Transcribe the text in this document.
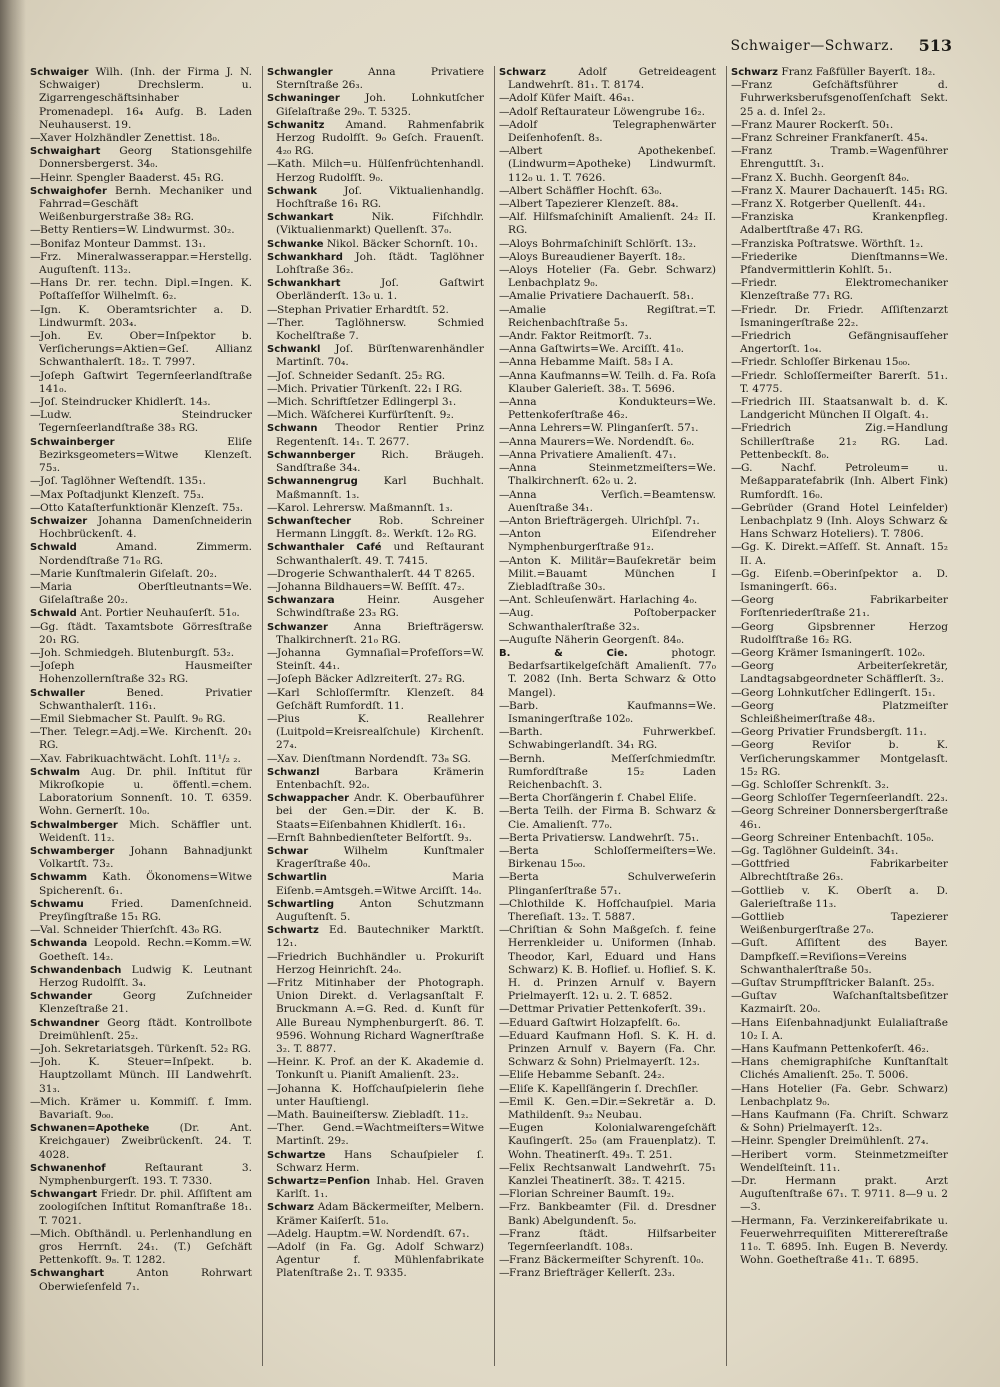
Schwaiger—Schwarz. 513

Schwaiger Wilh. (Inh. der Firma J. N. Schwaiger) Drechslerm. u. Zigarrengeschäftsinhaber Promenadepl. 16₄ Aufg. B. Laden Neuhauserst. 19.

—Xaver Holzhändler Zenettist. 18₀.

Schwaighart Georg Stationsgehilfe Donnersbergerst. 34₀.

—Heinr. Spengler Baaderst. 45₁ RG.

Schwaighofer Bernh. Mechaniker und Fahrrad=Geschäft Weißenburgerstraße 38₂ RG.

—Betty Rentiers=W. Lindwurmst. 30₂.

—Bonifaz Monteur Dammst. 13₁.

—Frz. Mineralwasserappar.=Herstellg. Auguſtenſt. 113₂.

—Hans Dr. rer. techn. Dipl.=Ingen. K. Poſtaſſeſſor Wilhelmſt. 6₂.

—Ign. K. Oberamtsrichter a. D. Lindwurmſt. 203₄.

—Joh. Ev. Ober=Inſpektor b. Verſicherungs=Aktien=Geſ. Allianz Schwanthalerſt. 18₂. T. 7997.

—Joſeph Gaſtwirt Tegernſeerlandſtraße 141₀.

—Joſ. Steindrucker Khidlerſt. 14₃.

—Ludw. Steindrucker Tegernſeerlandſtraße 38₃ RG.

Schwainberger	Eliſe Bezirksgeometers=Witwe Klenzeſt. 75₃.

—Joſ. Taglöhner Weſtendſt. 135₁.

—Max Poſtadjunkt Klenzeſt. 75₃.

—Otto Kataſterfunktionär Klenzeſt. 75₃.

Schwaizer Johanna Damenſchneiderin Hochbrückenſt. 4.

Schwald	Amand. Zimmerm. Nordendſtraße 71₀ RG.

—Marie Kunſtmalerin Giſelaſt. 20₂.

—Maria Oberſtleutnants=We. Giſelaſtraße 20₂.

Schwald Ant. Portier Neuhauſerſt. 51₀.

—Gg. ſtädt. Taxamtsbote Görresſtraße 20₁ RG.

—Joh. Schmiedgeh. Blutenburgſt. 53₂.

—Joſeph Hausmeiſter Hohenzollernſtraße 32₃ RG.

Schwaller	Bened. Privatier Schwanthalerſt. 116₁.

—Emil Siebmacher St. Paulſt. 9₀ RG.

—Ther. Telegr.=Adj.=We. Kirchenſt. 20₁ RG.

—Xav. Fabrikuachtwächt. Lohſt. 11¹/₂ ₂.

Schwalm Aug. Dr. phil. Inſtitut für Mikroſkopie u. öffentl.=chem. Laboratorium Sonnenſt. 10. T. 6359. Wohn. Gernerſt. 10₀.

Schwalmberger Mich. Schäffler unt. Weidenſt. 11₂.

Schwamberger Johann Bahnadjunkt Volkartſt. 73₂.

Schwamm Kath. Ökonomens=Witwe Spicherenſt. 6₁.

Schwamu	Fried. Damenſchneid. Preyſingſtraße 15₁ RG.

—Val. Schneider Thierſchſt. 43₀ RG.

Schwanda Leopold. Rechn.=Komm.=W. Goetheſt. 14₂.

Schwandenbach Ludwig K. Leutnant Herzog Rudolfſt. 3₄.

Schwander	Georg Zuſchneider Klenzeſtraße 21.

Schwandner Georg ſtädt. Kontrollbote Dreimühlenſt. 25₂.

—Joh. Sekretariatsgeh. Türkenſt. 52₂ RG.

—Joh. K. Steuer=Inſpekt. b. Hauptzollamt Münch. III Landwehrſt. 31₃.

—Mich. Krämer u. Kommiſſ. f. Imm. Bavariaſt. 9₀₀.

Schwanen=Apotheke	(Dr. Ant. Kreichgauer) Zweibrückenſt. 24. T. 4028.

Schwanenhof	Reſtaurant 3. Nymphenburgerſt. 193. T. 7330.

Schwangart Friedr. Dr. phil. Aſſiſtent am zoologiſchen Inſtitut Romanſtraße 18₁. T. 7021.

—Mich. Obſthändl. u. Perlenhandlung en gros Herrnſt. 24₁. (T.) Geſchäft Pettenkofſt. 9₈. T. 1282.

Schwanghart	Anton Rohrwart Oberwieſenfeld 7₁.

Schwangler	Anna Privatiere Sternſtraße 26₃.

Schwaninger Joh. Lohnkutſcher Giſelaſtraße 29₀. T. 5325.

Schwanitz Amand. Rahmenfabrik Herzog Rudolfſt. 9₀ Geſch. Frauenſt. 4₂₀ RG.

—Kath. Milch=u. Hülſenfrüchtenhandl. Herzog Rudolfſt. 9₀.

Schwank	Joſ. Viktualienhandlg. Hochſtraße 16₁ RG.

Schwankart	Nik. Fiſchhdlr. (Viktualienmarkt) Quellenſt. 37₀.

Schwanke Nikol. Bäcker Schornſt. 10₁.

Schwankhard Joh. ſtädt. Taglöhner Lohſtraße 36₂.

Schwankhart	Joſ. Gaſtwirt Oberländerſt. 13₀ u. 1.

—Stephan Privatier Erhardtſt. 52.

—Ther. Taglöhnersw. Schmied Kochelſtraße 7.

Schwankl Joſ. Bürſtenwarenhändler Martinſt. 70₄.

—Joſ. Schneider Sedanſt. 25₂ RG.

—Mich. Privatier Türkenſt. 22₁ I RG.

—Mich. Schriftſetzer Edlingerpl 3₁.

—Mich. Wäſcherei Kurfürſtenſt. 9₂.

Schwann Theodor Rentier Prinz Regentenſt. 14₁. T. 2677.

Schwannberger Rich. Bräugeh. Sandſtraße 34₄.

Schwannengrug Karl Buchhalt. Maßmannſt. 1₃.

—Karol. Lehrersw. Maßmannſt. 1₃.

Schwanſtecher	Rob. Schreiner Hermann Linggſt. 8₂. Werkſt. 12₀ RG.

Schwanthaler Café und Reſtaurant Schwanthalerſt. 49. T. 7415.

—Drogerie Schwanthalerſt. 44 T 8265.

—Johanna Bildhauers=W. Beſſſt. 47₂.

Schwanzara	Heinr. Ausgeher Schwindſtraße 23₃ RG.

Schwanzer Anna Briefträgersw. Thalkirchnerſt. 21₀ RG.

—Johanna Gymnaſial=Profeſſors=W. Steinſt. 44₁.

—Joſeph Bäcker Adlzreiterſt. 27₂ RG.

—Karl Schloſſermſtr. Klenzeſt. 84 Geſchäft Rumfordſt. 11.

—Pius K. Reallehrer (Luitpold=Kreisrealſchule) Kirchenſt. 27₄.

—Xav. Dienſtmann Nordendſt. 73₈ SG.

Schwanzl	Barbara Krämerin Entenbachſt. 92₀.

Schwappacher Andr. K. Oberbauführer bei der Gen.=Dir. der K. B. Staats=Eiſenbahnen Khidlerſt. 16₁.

—Ernſt Bahnbedienſteter Belfortſt. 9₃.

Schwar	Wilhelm Kunſtmaler Kragerſtraße 40₀.

Schwartlin	Maria Eiſenb.=Amtsgeh.=Witwe Arciſſt. 14₀.

Schwartling Anton Schutzmann Auguſtenſt. 5.

Schwartz Ed. Bautechniker Marktſt. 12₁.

—Friedrich Buchhändler u. Prokuriſt Herzog Heinrichſt. 24₀.

—Fritz Mitinhaber der Photograph. Union Direkt. d. Verlagsanſtalt F. Bruckmann A.=G. Red. d. Kunſt für Alle Bureau Nymphenburgerſt. 86. T. 9596. Wohnung Richard Wagnerſtraße 3₂. T. 8877.

—Heinr. K. Prof. an der K. Akademie d. Tonkunſt u. Pianiſt Amalienſt. 23₂.

—Johanna K. Hofſchauſpielerin ſiehe unter Hauſtiengl.

—Math. Bauineiſtersw. Ziebladſt. 11₂.

—Ther. Gend.=Wachtmeiſters=Witwe Martinſt. 29₂.

Schwartze Hans Schauſpieler ſ. Schwarz Herm.

Schwartz=Penſion Inhab. Hel. Graven Karlſt. 1₁.

Schwarz Adam Bäckermeiſter, Melbern. Krämer Kaiſerſt. 51₀.

—Adelg. Hauptm.=W. Nordendſt. 67₁.

—Adolf (in Fa. Gg. Adolf Schwarz) Agentur f. Mühlenfabrikate Platenſtraße 2₁. T. 9335.

Schwarz	Adolf Getreideagent Landwehrſt. 81₁. T. 8174.

—Adolf Küfer Maiſt. 46₄₁.

—Adolf Reſtaurateur Löwengrube 16₂.

—Adolf Telegraphenwärter Deiſenhofenſt. 8₃.

—Albert Apothekenbeſ. (Lindwurm=Apotheke) Lindwurmſt. 112₀ u. 1. T. 7626.

—Albert Schäffler Hochſt. 63₀.

—Albert Tapezierer Klenzeſt. 88₄.

—Alf. Hilfsmaſchiniſt Amalienſt. 24₂ II. RG.

—Aloys Bohrmaſchiniſt Schlörſt. 13₂.

—Aloys Bureaudiener Bayerſt. 18₂.

—Aloys Hotelier (Fa. Gebr. Schwarz) Lenbachplatz 9₀.

—Amalie Privatiere Dachauerſt. 58₁.

—Amalie Regiſtrat.=T. Reichenbachſtraße 5₃.

—Andr. Faktor Reitmorſt. 7₃.

—Anna Gaſtwirts=We. Arciſſt. 41₀.

—Anna Hebamme Maiſt. 58₃ I A.

—Anna Kaufmanns=W. Teilh. d. Fa. Roſa Klauber Galerieſt. 38₃. T. 5696.

—Anna Kondukteurs=We. Pettenkoferſtraße 46₂.

—Anna Lehrers=W. Plinganſerſt. 57₁.

—Anna Maurers=We. Nordendſt. 6₀.

—Anna Privatiere Amalienſt. 47₁.

—Anna Steinmetzmeiſters=We. Thalkirchnerſt. 62₀ u. 2.

—Anna Verſich.=Beamtensw. Auenſtraße 34₁.

—Anton Briefträgergeh. Ulrichſpl. 7₁.

—Anton Eiſendreher Nymphenburgerſtraße 91₂.

—Anton K. Militär=Bauſekretär beim Milit.=Bauamt München I Ziebladſtraße 30₃.

—Ant. Schleuſenwärt. Harlaching 4₀.

—Aug. Poſtoberpacker Schwanthalerſtraße 32₃.

—Auguſte Näherin Georgenſt. 84₀.

B. & Cie.	photogr. Bedarfsartikelgeſchäft Amalienſt. 77₀ T. 2082 (Inh. Berta Schwarz & Otto Mangel).

—Barb. Kaufmanns=We. Ismaningerſtraße 102₀.

—Barth. Fuhrwerkbeſ. Schwabingerlandſt. 34₁ RG.

—Bernh. Meſſerſchmiedmſtr. Rumfordſtraße 15₂ Laden Reichenbachſt. 3.

—Berta Chorſängerin f. Chabel Eliſe.

—Berta Teilh. der Firma B. Schwarz & Cie. Amalienſt. 77₀.

—Berta Privatiersw. Landwehrſt. 75₁.

—Berta Schloſſermeiſters=We. Birkenau 15₀₀.

—Berta Schulverweſerin Plinganſerſtraße 57₁.

—Chlothilde K. Hofſchauſpiel. Maria Thereſiaſt. 13₂. T. 5887.

—Chriſtian & Sohn Maßgeſch. f. feine Herrenkleider u. Uniformen (Inhab. Theodor, Karl, Eduard und Hans Schwarz) K. B. Hoflief. u. Hoflief. S. K. H. d. Prinzen Arnulf v. Bayern Prielmayerſt. 12₁ u. 2. T. 6852.

—Dettmar Privatier Pettenkoferſt. 39₁.

—Eduard Gaſtwirt Holzapfelſt. 6₀.

—Eduard Kaufmann Hofl. S. K. H. d. Prinzen Arnulf v. Bayern (Fa. Chr. Schwarz & Sohn) Prielmayerſt. 12₃.

—Eliſe Hebamme Sebanſt. 24₂.

—Eliſe K. Kapellſängerin ſ. Drechſler.

—Emil K. Gen.=Dir.=Sekretär a. D. Mathildenſt. 9₃₂ Neubau.

—Eugen Kolonialwarengeſchäft Kauſingerſt. 25₀ (am Frauenplatz). T. Wohn. Theatinerſt. 49₃. T. 251.

—Felix Rechtsanwalt Landwehrſt. 75₁ Kanzlei Theatinerſt. 38₂. T. 4215.

—Florian Schreiner Baumſt. 19₂.

—Frz. Bankbeamter (Fil. d. Dresdner Bank) Abelgundenſt. 5₀.

—Franz ſtädt. Hilfsarbeiter Tegernſeerlandſt. 108₃.

—Franz Bäckermeiſter Schyrenſt. 10₀.

—Franz Briefträger Kellerſt. 23₃.

Schwarz Franz Faßfüller Bayerſt. 18₂.

—Franz Geſchäftsführer d. Fuhrwerksberufsgenoſſenſchaft Sekt. 25 a. d. Inſel 2₂.

—Franz Maurer Rockerſt. 50₁.

—Franz Schreiner Frankfanerſt. 45₄.

—Franz Tramb.=Wagenführer Ehrenguttſt. 3₁.

—Franz X. Buchh. Georgenſt 84₀.

—Franz X. Maurer Dachauerſt. 145₁ RG.

—Franz X. Rotgerber Quellenſt. 44₁.

—Franziska Krankenpfleg. Adalbertſtraße 47₁ RG.

—Franziska Poſtratswe. Wörthſt. 1₂.

—Friederike Dienſtmanns=We. Pfandvermittlerin Kohlſt. 5₁.

—Friedr. Elektromechaniker Klenzeſtraße 77₁ RG.

—Friedr. Dr. Friedr. Aſſiſtenzarzt Ismaningerſtraße 22₂.

—Friedrich Gefängnisaufſeher Angertorſt. 1₀₄.

—Friedr. Schloſſer Birkenau 15₀₀.

—Friedr. Schloſſermeiſter Barerſt. 51₁. T. 4775.

—Friedrich III. Staatsanwalt b. d. K. Landgericht München II Olgaſt. 4₁.

—Friedrich Zig.=Handlung Schillerſtraße 21₂ RG. Lad. Pettenbeckſt. 8₀.

—G. Nachf. Petroleum= u. Meßapparatefabrik (Inh. Albert Fink) Rumfordſt. 16₀.

—Gebrüder (Grand Hotel Leinfelder) Lenbachplatz 9 (Inh. Aloys Schwarz & Hans Schwarz Hoteliers). T. 7806.

—Gg. K. Direkt.=Aſſeſſ. St. Annaſt. 15₂ II. A.

—Gg. Eiſenb.=Oberinſpektor a. D. Ismaningerſt. 66₃.

—Georg Fabrikarbeiter Forſtenriederſtraße 21₁.

—Georg Gipsbrenner Herzog Rudolfſtraße 16₂ RG.

—Georg Krämer Ismaningerſt. 102₀.

—Georg Arbeiterſekretär, Landtagsabgeordneter Schäfflerſt. 3₂.

—Georg Lohnkutſcher Edlingerſt. 15₁.

—Georg Platzmeiſter Schleißheimerſtraße 48₃.

—Georg Privatier Frundsbergſt. 11₁.

—Georg Reviſor b. K. Verſicherungskammer Montgelasſt. 15₂ RG.

—Gg. Schloſſer Schrenkſt. 3₂.

—Georg Schloſſer Tegernſeerlandſt. 22₃.

—Georg Schreiner Donnersbergerſtraße 46₁.

—Georg Schreiner Entenbachſt. 105₀.

—Gg. Taglöhner Guldeinſt. 34₁.

—Gottfried Fabrikarbeiter Albrechtſtraße 26₃.

—Gottlieb v. K. Oberſt a. D. Galerieſtraße 11₃.

—Gottlieb Tapezierer Weißenburgerſtraße 27₀.

—Guſt. Aſſiſtent des Bayer. Dampfkeſſ.=Reviſions=Vereins Schwanthalerſtraße 50₃.

—Guſtav Strumpfſtricker Balanſt. 25₃.

—Guſtav Waſchanſtaltsbeſitzer Kazmairſt. 20₀.

—Hans Eiſenbahnadjunkt Eulaliaſtraße 10₂ I. A.

—Hans Kaufmann Pettenkoferſt. 46₂.

—Hans chemigraphiſche Kunſtanſtalt Clichés Amalienſt. 25₀. T. 5006.

—Hans Hotelier (Fa. Gebr. Schwarz) Lenbachplatz 9₀.

—Hans Kaufmann (Fa. Chriſt. Schwarz & Sohn) Prielmayerſt. 12₃.

—Heinr. Spengler Dreimühlenſt. 27₄.

—Heribert vorm. Steinmetzmeiſter Wendelſteinſt. 11₁.

—Dr. Hermann prakt. Arzt Auguſtenſtraße 67₁. T. 9711. 8—9 u. 2—3.

—Hermann, Fa. Verzinkereifabrikate u. Feuerwehrrequiſiten Mitterereſtraße 11₀. T. 6895. Inh. Eugen B. Neverdy. Wohn. Goetheſtraße 41₁. T. 6895.
